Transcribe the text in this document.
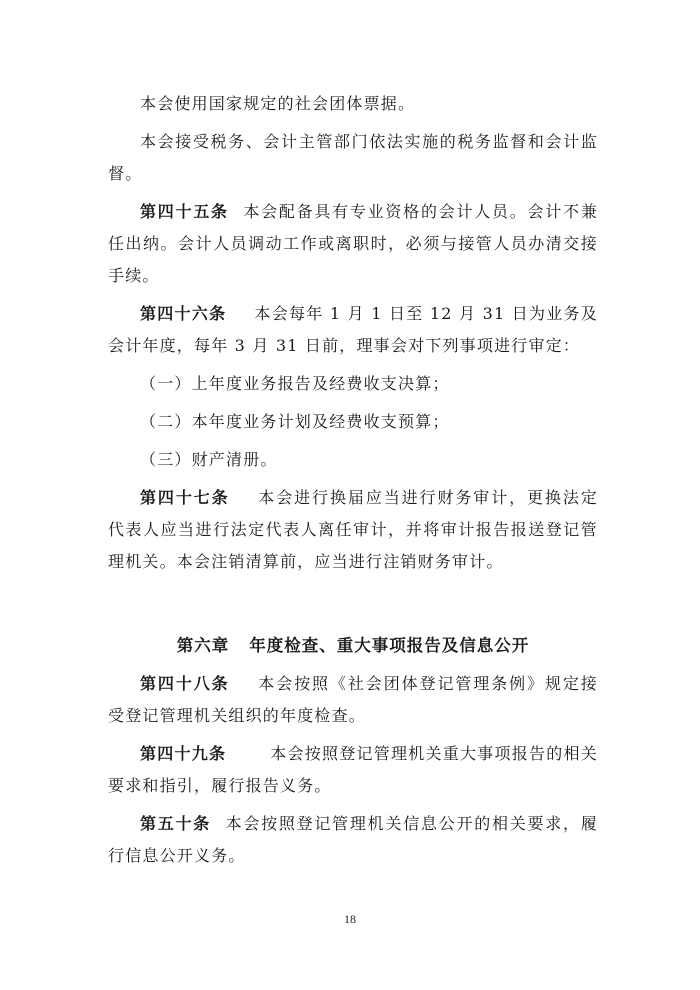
本会使用国家规定的社会团体票据。

本会接受税务、会计主管部门依法实施的税务监督和会计监督。

第四十五条 本会配备具有专业资格的会计人员。会计不兼任出纳。会计人员调动工作或离职时，必须与接管人员办清交接手续。

第四十六条 本会每年 1 月 1 日至 12 月 31 日为业务及会计年度，每年 3 月 31 日前，理事会对下列事项进行审定：

（一）上年度业务报告及经费收支决算；

（二）本年度业务计划及经费收支预算；

（三）财产清册。

第四十七条 本会进行换届应当进行财务审计，更换法定代表人应当进行法定代表人离任审计，并将审计报告报送登记管理机关。本会注销清算前，应当进行注销财务审计。

第六章 年度检查、重大事项报告及信息公开

第四十八条 本会按照《社会团体登记管理条例》规定接受登记管理机关组织的年度检查。

第四十九条	本会按照登记管理机关重大事项报告的相关要求和指引，履行报告义务。

第五十条 本会按照登记管理机关信息公开的相关要求，履行信息公开义务。

18
